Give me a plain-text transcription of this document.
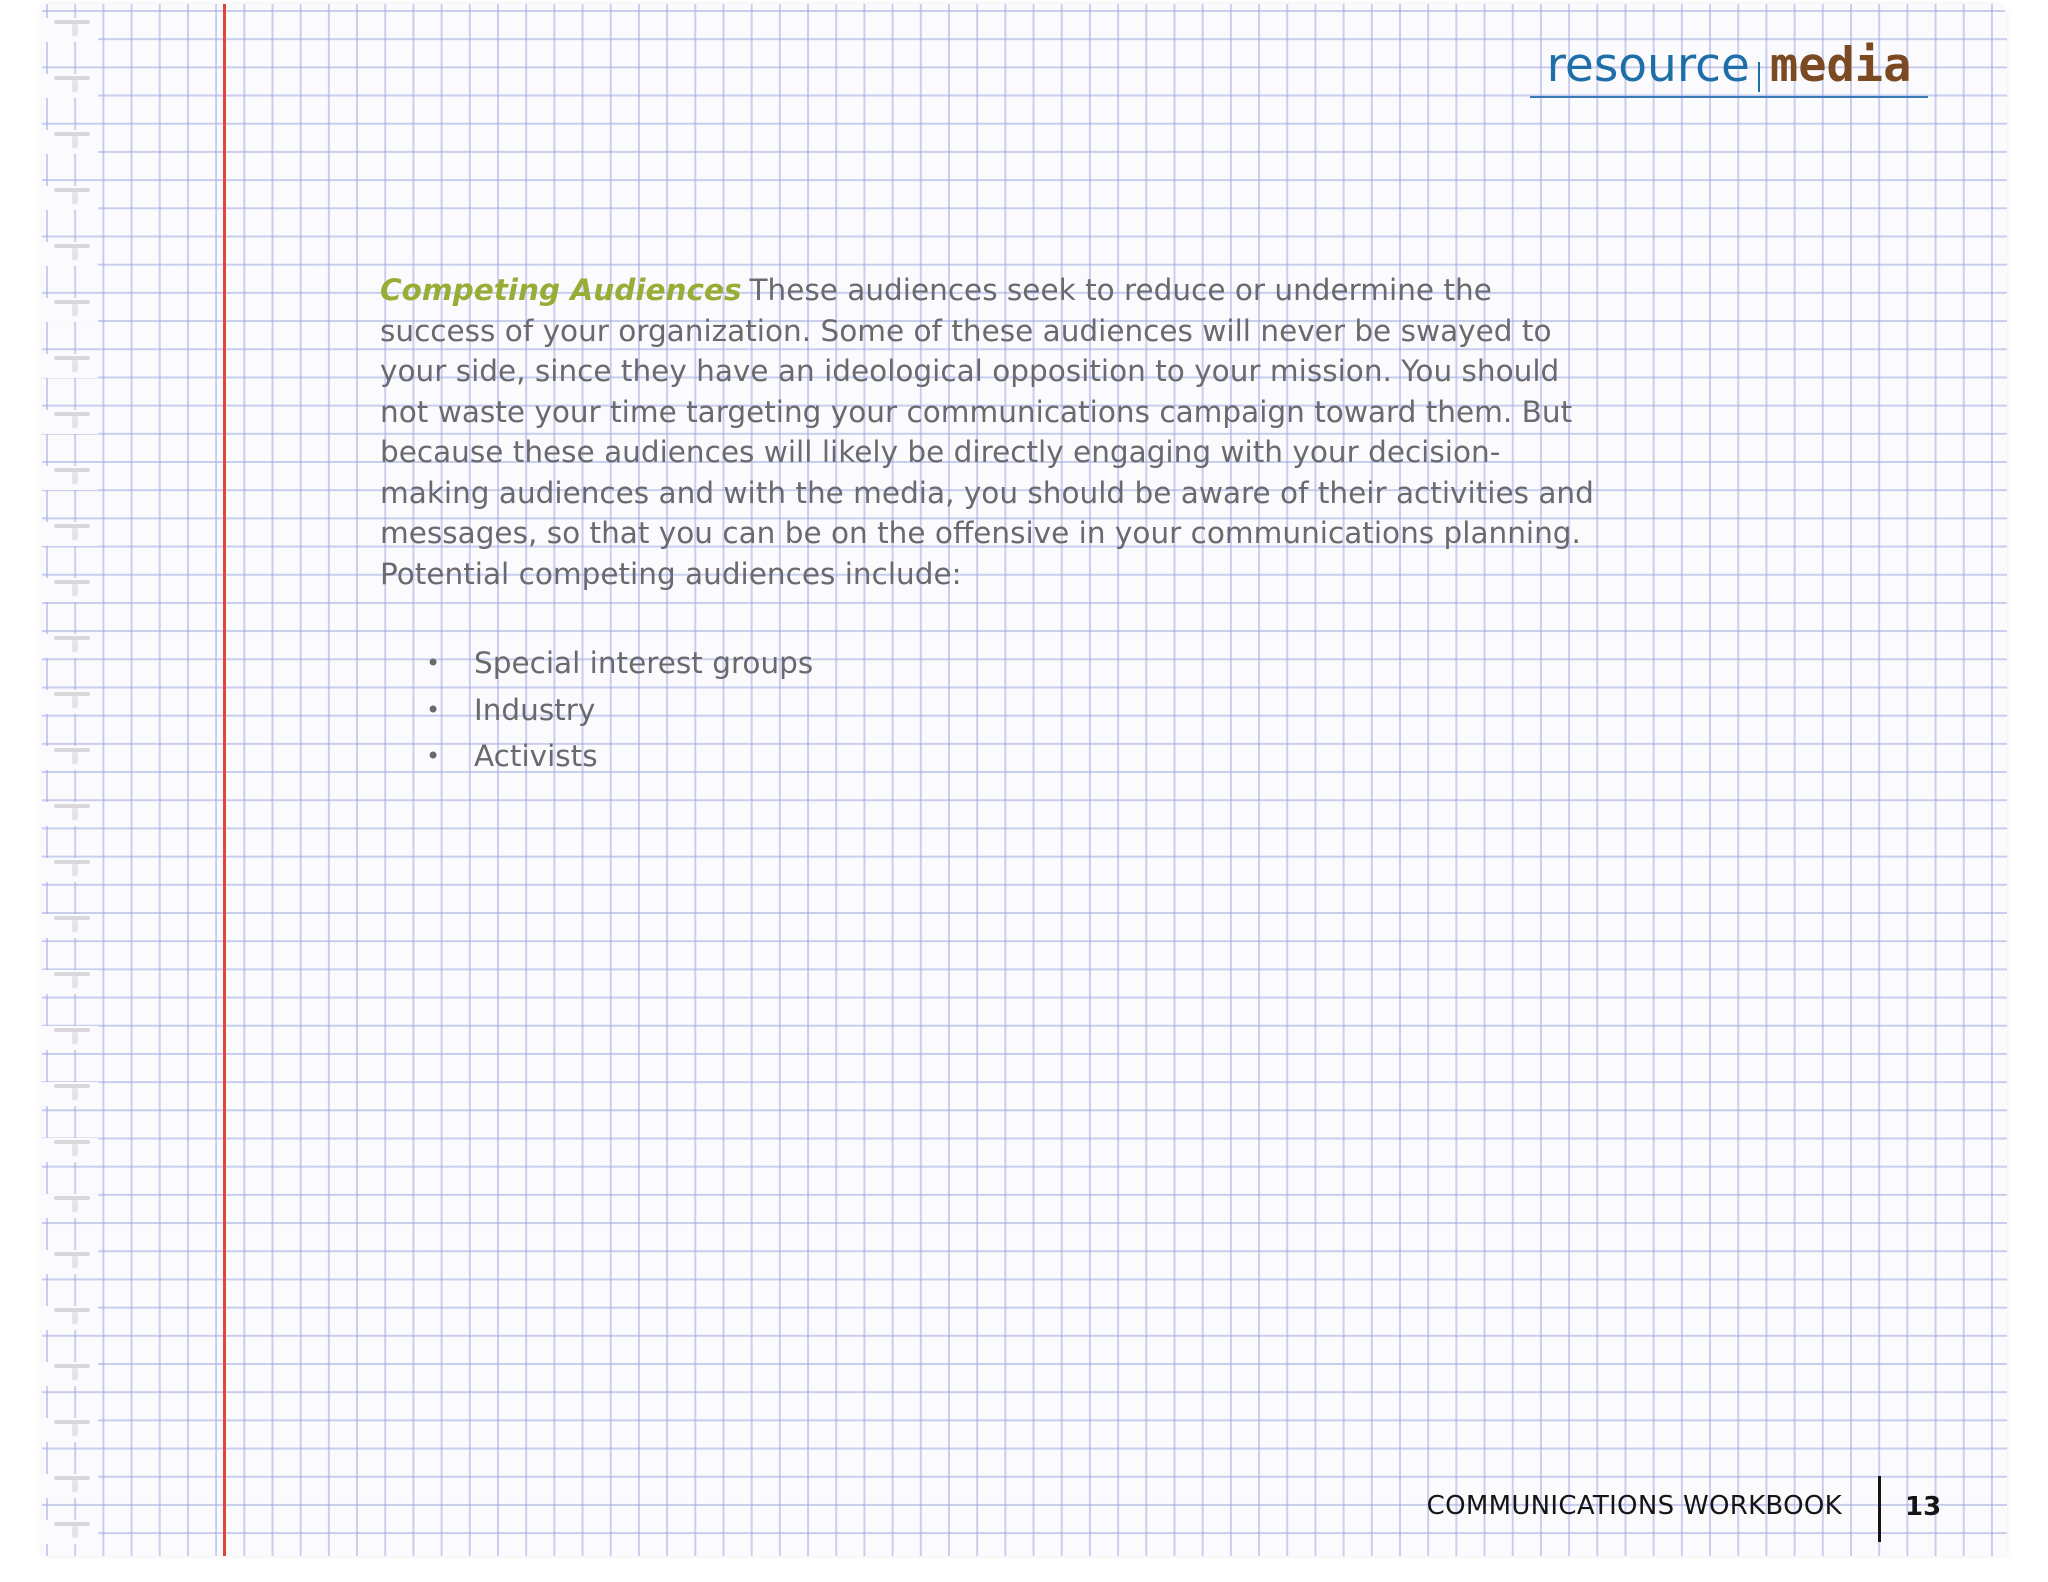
resource media

Competing Audiences These audiences seek to reduce or undermine the success of your organization. Some of these audiences will never be swayed to your side, since they have an ideological opposition to your mission. You should not waste your time targeting your communications campaign toward them. But because these audiences will likely be directly engaging with your decision-making audiences and with the media, you should be aware of their activities and messages, so that you can be on the offensive in your communications planning. Potential competing audiences include:

• Special interest groups
• Industry
• Activists
COMMUNICATIONS WORKBOOK 13
